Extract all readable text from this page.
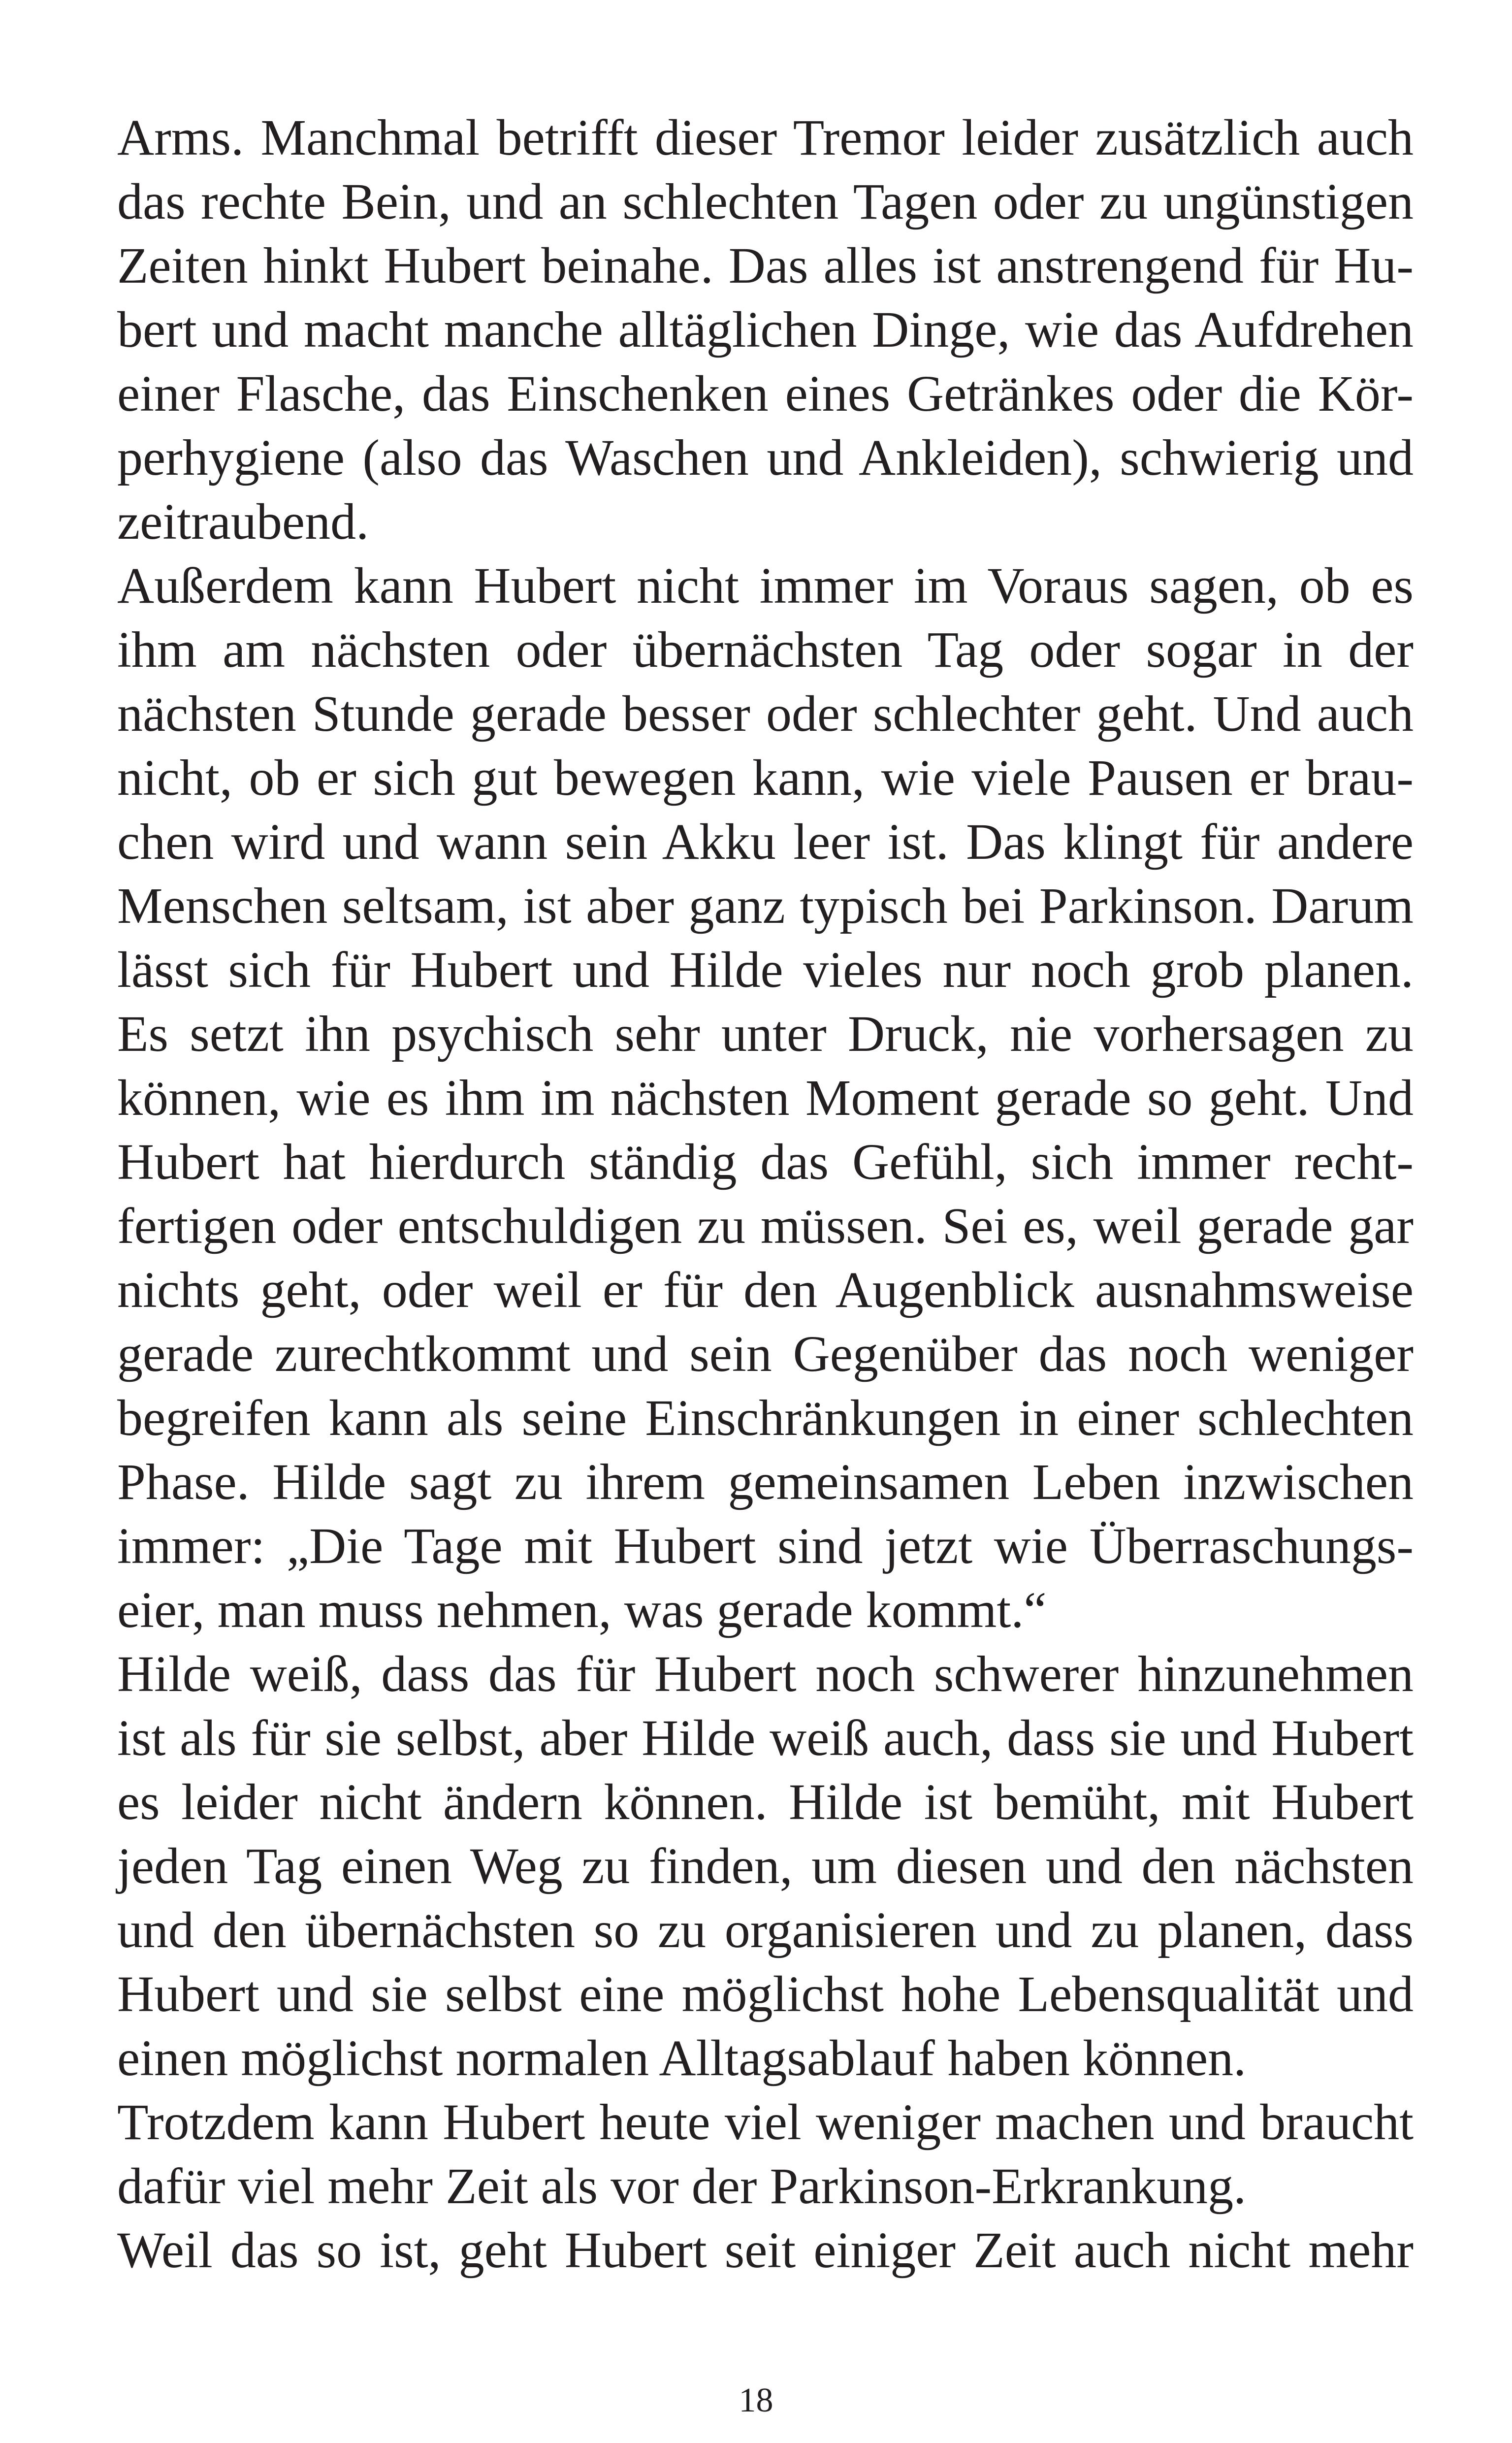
Arms. Manchmal betrifft dieser Tremor leider zusätzlich auch
das rechte Bein, und an schlechten Tagen oder zu ungünstigen
Zeiten hinkt Hubert beinahe. Das alles ist anstrengend für Hu-
bert und macht manche alltäglichen Dinge, wie das Aufdrehen
einer Flasche, das Einschenken eines Getränkes oder die Kör-
perhygiene (also das Waschen und Ankleiden), schwierig und
zeitraubend.
Außerdem kann Hubert nicht immer im Voraus sagen, ob es
ihm am nächsten oder übernächsten Tag oder sogar in der
nächsten Stunde gerade besser oder schlechter geht. Und auch
nicht, ob er sich gut bewegen kann, wie viele Pausen er brau-
chen wird und wann sein Akku leer ist. Das klingt für andere
Menschen seltsam, ist aber ganz typisch bei Parkinson. Darum
lässt sich für Hubert und Hilde vieles nur noch grob planen.
Es setzt ihn psychisch sehr unter Druck, nie vorhersagen zu
können, wie es ihm im nächsten Moment gerade so geht. Und
Hubert hat hierdurch ständig das Gefühl, sich immer recht-
fertigen oder entschuldigen zu müssen. Sei es, weil gerade gar
nichts geht, oder weil er für den Augenblick ausnahmsweise
gerade zurechtkommt und sein Gegenüber das noch weniger
begreifen kann als seine Einschränkungen in einer schlechten
Phase. Hilde sagt zu ihrem gemeinsamen Leben inzwischen
immer: „Die Tage mit Hubert sind jetzt wie Überraschungs-
eier, man muss nehmen, was gerade kommt.“
Hilde weiß, dass das für Hubert noch schwerer hinzunehmen
ist als für sie selbst, aber Hilde weiß auch, dass sie und Hubert
es leider nicht ändern können. Hilde ist bemüht, mit Hubert
jeden Tag einen Weg zu finden, um diesen und den nächsten
und den übernächsten so zu organisieren und zu planen, dass
Hubert und sie selbst eine möglichst hohe Lebensqualität und
einen möglichst normalen Alltagsablauf haben können.
Trotzdem kann Hubert heute viel weniger machen und braucht
dafür viel mehr Zeit als vor der Parkinson-Erkrankung.
Weil das so ist, geht Hubert seit einiger Zeit auch nicht mehr
18
